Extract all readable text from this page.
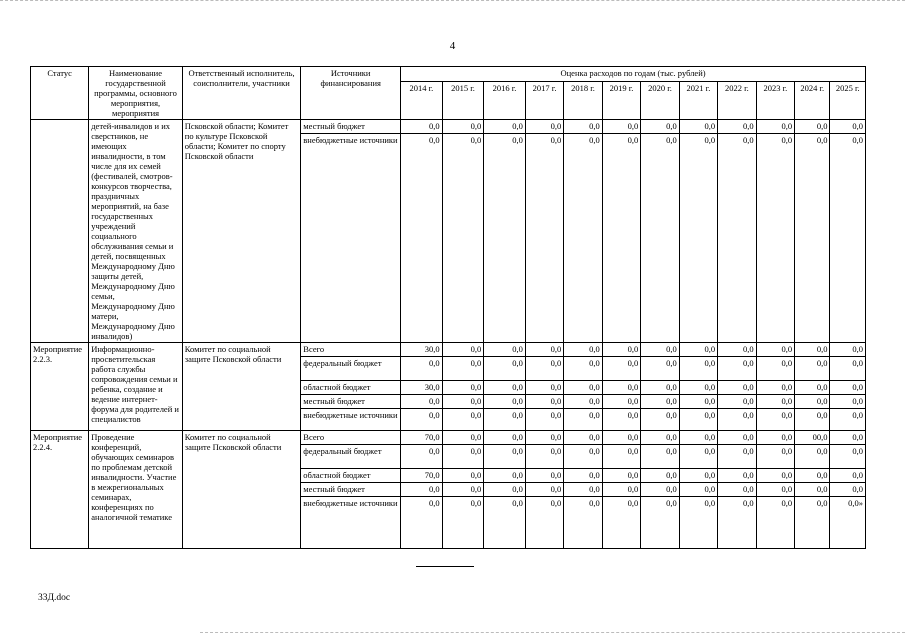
4
Статус	Наименование государственной программы, основного мероприятия, мероприятия	Ответственный исполнитель, соисполнители, участники	Источники финансирования	Оценка расходов по годам (тыс. рублей)											
				2014 г.	2015 г.	2016 г.	2017 г.	2018 г.	2019 г.	2020 г.	2021 г.	2022 г.	2023 г.	2024 г.	2025 г.
	детей-инвалидов и их сверстников, не имеющих инвалидности, в том числе для их семей (фестивалей, смотров-конкурсов творчества, праздничных мероприятий, на базе государственных учреждений социального обслуживания семьи и детей, посвященных Международному Дню защиты детей, Международному Дню семьи, Международному Дню матери, Международному Дню инвалидов)	Псковской области; Комитет по культуре Псковской области; Комитет по спорту Псковской области	местный бюджет	0,0	0,0	0,0	0,0	0,0	0,0	0,0	0,0	0,0	0,0	0,0	0,0
			внебюджетные источники	0,0	0,0	0,0	0,0	0,0	0,0	0,0	0,0	0,0	0,0	0,0	0,0
Мероприятие 2.2.3.	Информационно-просветительская работа службы сопровождения семьи и ребенка, создание и ведение интернет-форума для родителей и специалистов	Комитет по социальной защите Псковской области	Всего	30,0	0,0	0,0	0,0	0,0	0,0	0,0	0,0	0,0	0,0	0,0	0,0
			федеральный бюджет	0,0	0,0	0,0	0,0	0,0	0,0	0,0	0,0	0,0	0,0	0,0	0,0
			областной бюджет	30,0	0,0	0,0	0,0	0,0	0,0	0,0	0,0	0,0	0,0	0,0	0,0
			местный бюджет	0,0	0,0	0,0	0,0	0,0	0,0	0,0	0,0	0,0	0,0	0,0	0,0
			внебюджетные источники	0,0	0,0	0,0	0,0	0,0	0,0	0,0	0,0	0,0	0,0	0,0	0,0
Мероприятие 2.2.4.	Проведение конференций, обучающих семинаров по проблемам детской инвалидности. Участие в межрегиональных семинарах, конференциях по аналогичной тематике	Комитет по социальной защите Псковской области	Всего	70,0	0,0	0,0	0,0	0,0	0,0	0,0	0,0	0,0	0,0	00,0	0,0
			федеральный бюджет	0,0	0,0	0,0	0,0	0,0	0,0	0,0	0,0	0,0	0,0	0,0	0,0
			областной бюджет	70,0	0,0	0,0	0,0	0,0	0,0	0,0	0,0	0,0	0,0	0,0	0,0
			местный бюджет	0,0	0,0	0,0	0,0	0,0	0,0	0,0	0,0	0,0	0,0	0,0	0,0
			внебюджетные источники	0,0	0,0	0,0	0,0	0,0	0,0	0,0	0,0	0,0	0,0	0,0	0,0»
33Д.doc
